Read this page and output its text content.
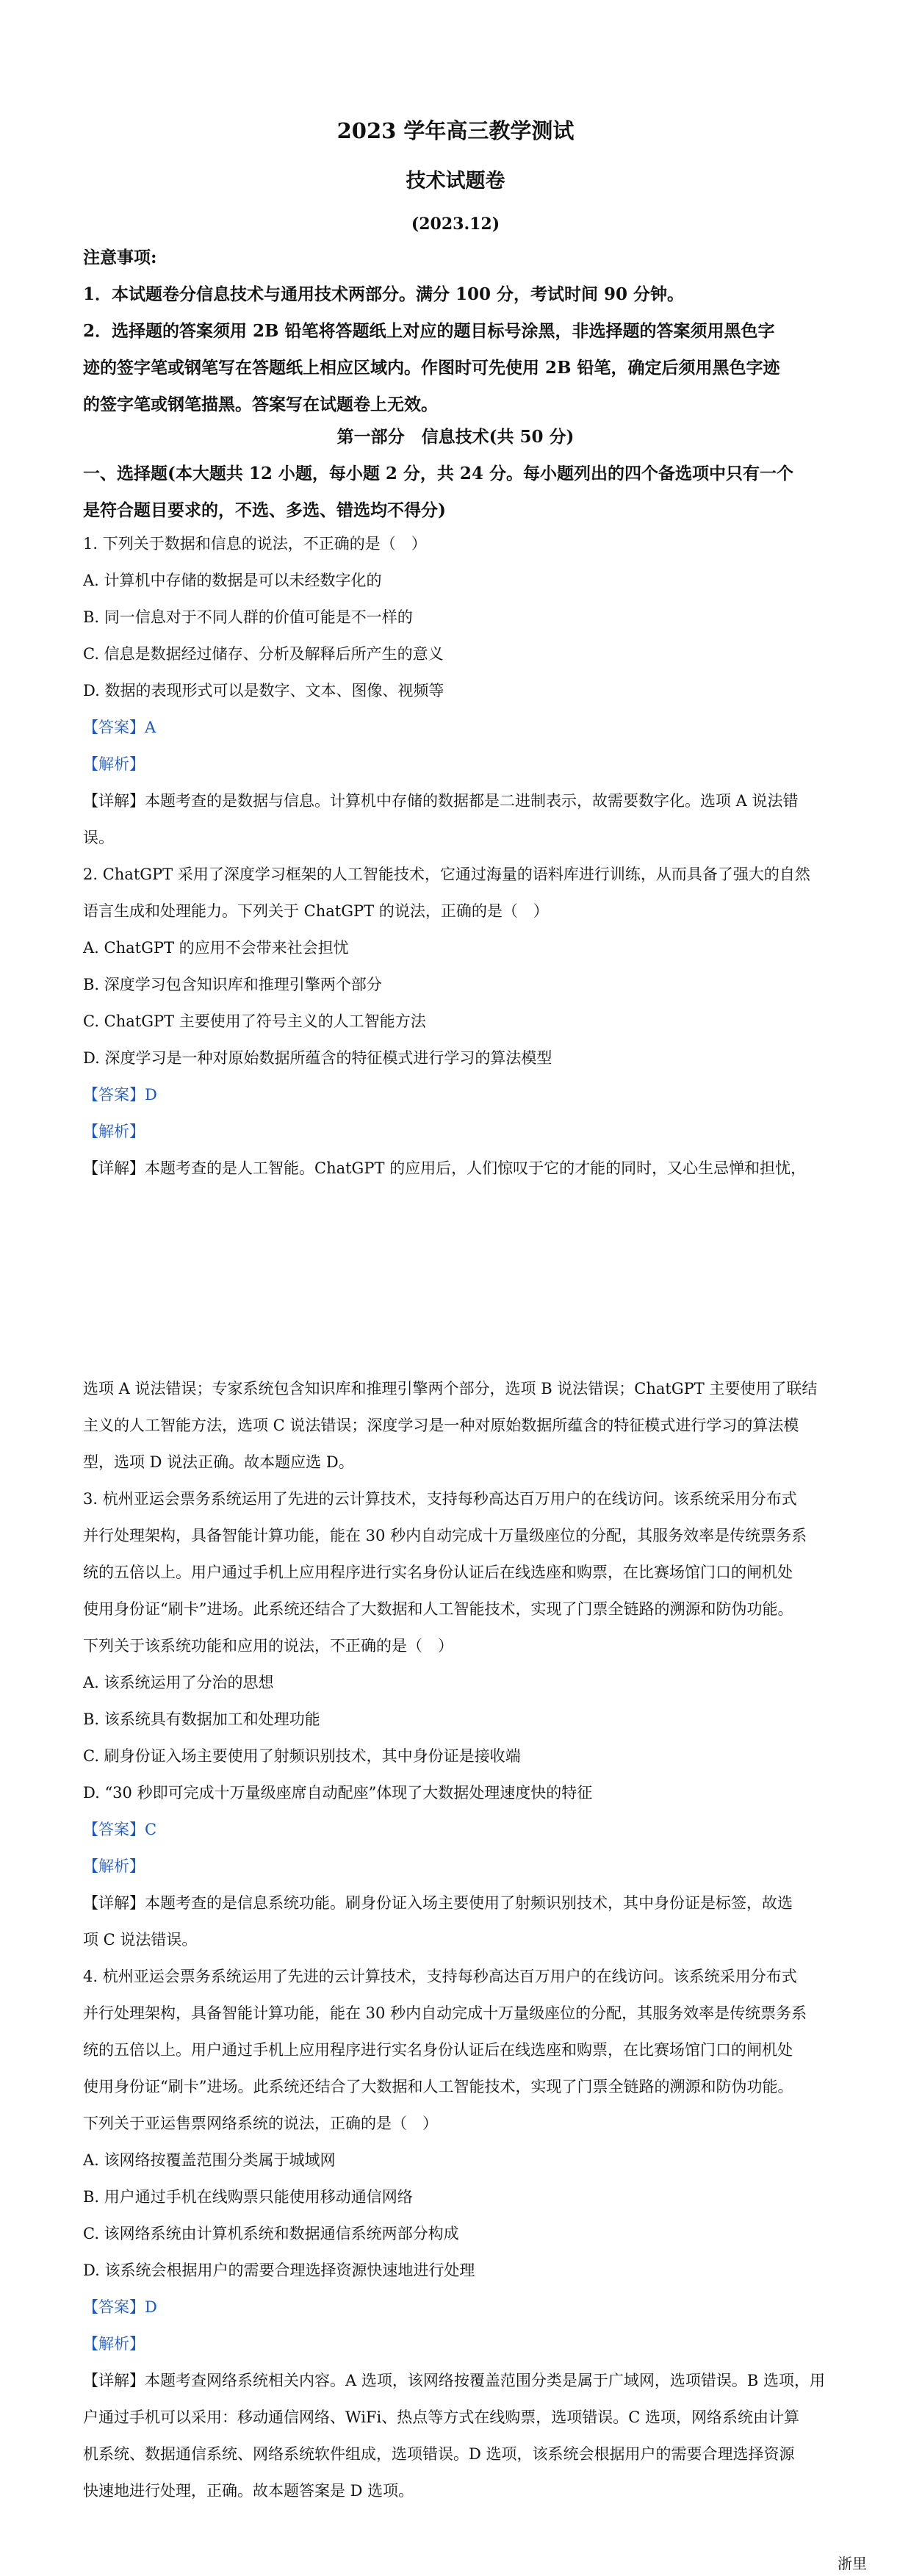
2023 学年高三教学测试
技术试题卷
(2023.12)
注意事项:
1．本试题卷分信息技术与通用技术两部分。满分 100 分，考试时间 90 分钟。
2．选择题的答案须用 2B 铅笔将答题纸上对应的题目标号涂黑，非选择题的答案须用黑色字
迹的签字笔或钢笔写在答题纸上相应区域内。作图时可先使用 2B 铅笔，确定后须用黑色字迹
的签字笔或钢笔描黑。答案写在试题卷上无效。
第一部分　信息技术(共 50 分)
一、选择题(本大题共 12 小题，每小题 2 分，共 24 分。每小题列出的四个备选项中只有一个
是符合题目要求的，不选、多选、错选均不得分)
1. 下列关于数据和信息的说法，不正确的是（　）
A. 计算机中存储的数据是可以未经数字化的
B. 同一信息对于不同人群的价值可能是不一样的
C. 信息是数据经过储存、分析及解释后所产生的意义
D. 数据的表现形式可以是数字、文本、图像、视频等
【答案】A
【解析】
【详解】本题考查的是数据与信息。计算机中存储的数据都是二进制表示，故需要数字化。选项 A 说法错
误。
2. ChatGPT 采用了深度学习框架的人工智能技术，它通过海量的语料库进行训练，从而具备了强大的自然
语言生成和处理能力。下列关于 ChatGPT 的说法，正确的是（　）
A. ChatGPT 的应用不会带来社会担忧
B. 深度学习包含知识库和推理引擎两个部分
C. ChatGPT 主要使用了符号主义的人工智能方法
D. 深度学习是一种对原始数据所蕴含的特征模式进行学习的算法模型
【答案】D
【解析】
【详解】本题考查的是人工智能。ChatGPT 的应用后，人们惊叹于它的才能的同时，又心生忌惮和担忧，
选项 A 说法错误；专家系统包含知识库和推理引擎两个部分，选项 B 说法错误；ChatGPT 主要使用了联结
主义的人工智能方法，选项 C 说法错误；深度学习是一种对原始数据所蕴含的特征模式进行学习的算法模
型，选项 D 说法正确。故本题应选 D。
3. 杭州亚运会票务系统运用了先进的云计算技术，支持每秒高达百万用户的在线访问。该系统采用分布式
并行处理架构，具备智能计算功能，能在 30 秒内自动完成十万量级座位的分配，其服务效率是传统票务系
统的五倍以上。用户通过手机上应用程序进行实名身份认证后在线选座和购票，在比赛场馆门口的闸机处
使用身份证“刷卡”进场。此系统还结合了大数据和人工智能技术，实现了门票全链路的溯源和防伪功能。
下列关于该系统功能和应用的说法，不正确的是（　）
A. 该系统运用了分治的思想
B. 该系统具有数据加工和处理功能
C. 刷身份证入场主要使用了射频识别技术，其中身份证是接收端
D. “30 秒即可完成十万量级座席自动配座”体现了大数据处理速度快的特征
【答案】C
【解析】
【详解】本题考查的是信息系统功能。刷身份证入场主要使用了射频识别技术，其中身份证是标签，故选
项 C 说法错误。
4. 杭州亚运会票务系统运用了先进的云计算技术，支持每秒高达百万用户的在线访问。该系统采用分布式
并行处理架构，具备智能计算功能，能在 30 秒内自动完成十万量级座位的分配，其服务效率是传统票务系
统的五倍以上。用户通过手机上应用程序进行实名身份认证后在线选座和购票，在比赛场馆门口的闸机处
使用身份证“刷卡”进场。此系统还结合了大数据和人工智能技术，实现了门票全链路的溯源和防伪功能。
下列关于亚运售票网络系统的说法，正确的是（　）
A. 该网络按覆盖范围分类属于城域网
B. 用户通过手机在线购票只能使用移动通信网络
C. 该网络系统由计算机系统和数据通信系统两部分构成
D. 该系统会根据用户的需要合理选择资源快速地进行处理
【答案】D
【解析】
【详解】本题考查网络系统相关内容。A 选项，该网络按覆盖范围分类是属于广域网，选项错误。B 选项，用
户通过手机可以采用：移动通信网络、WiFi、热点等方式在线购票，选项错误。C 选项，网络系统由计算
机系统、数据通信系统、网络系统软件组成，选项错误。D 选项，该系统会根据用户的需要合理选择资源
快速地进行处理，正确。故本题答案是 D 选项。
浙里
